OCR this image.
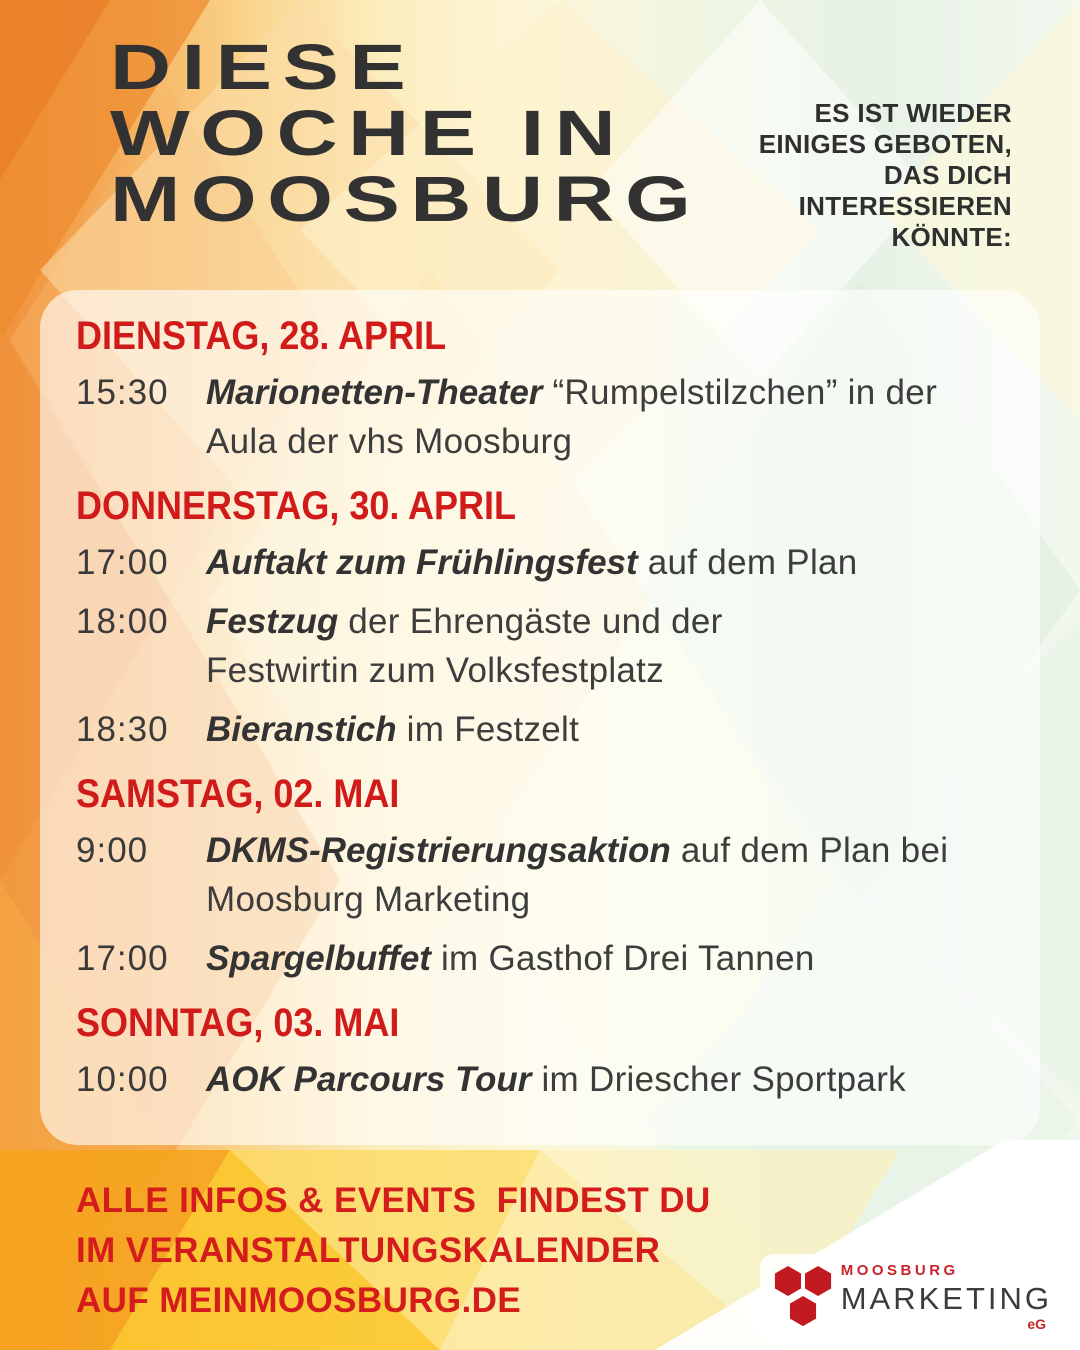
DIESE
WOCHE IN
MOOSBURG
ES IST WIEDER
EINIGES GEBOTEN,
DAS DICH
INTERESSIEREN
KÖNNTE:
DIENSTAG, 28. APRIL
15:30	Marionetten-Theater “Rumpelstilzchen” in der Aula der vhs Moosburg

DONNERSTAG, 30. APRIL
17:00	Auftakt zum Frühlingsfest auf dem Plan

18:00	Festzug der Ehrengäste und der Festwirtin zum Volksfestplatz

18:30	Bieranstich im Festzelt

SAMSTAG, 02. MAI
9:00	DKMS-Registrierungsaktion auf dem Plan bei Moosburg Marketing

17:00	Spargelbuffet im Gasthof Drei Tannen

SONNTAG, 03. MAI
10:00	AOK Parcours Tour im Driescher Sportpark

ALLE INFOS & EVENTS  FINDEST DU
IM VERANSTALTUNGSKALENDER
AUF MEINMOOSBURG.DE
MOOSBURG
MARKETING
eG
